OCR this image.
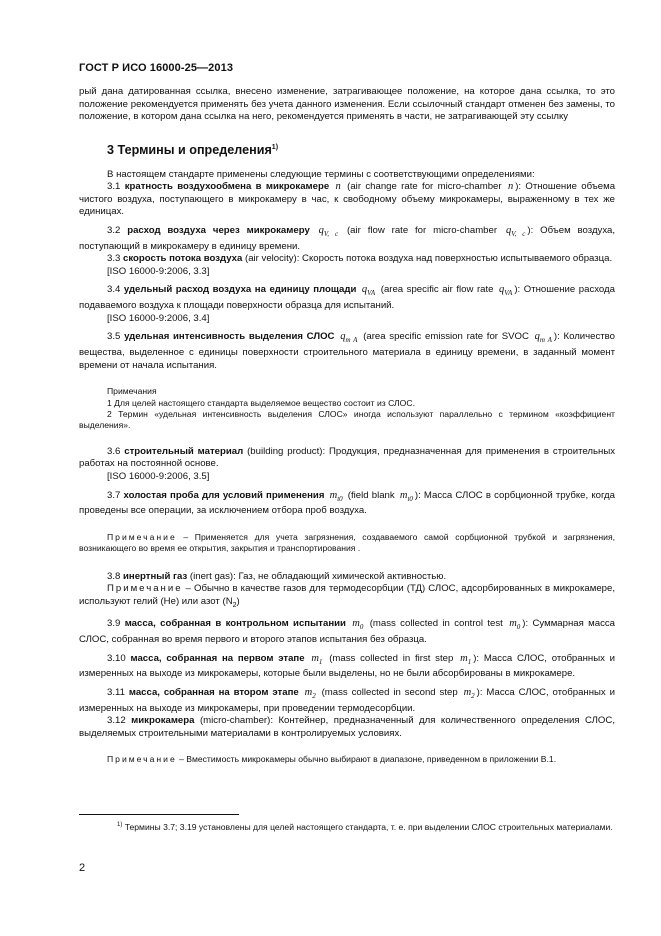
ГОСТ Р ИСО 16000-25—2013

рый дана датированная ссылка, внесено изменение, затрагивающее положение, на которое дана ссылка, то это положение рекомендуется применять без учета данного изменения. Если ссылочный стандарт отменен без замены, то положение, в котором дана ссылка на него, рекомендуется применять в части, не затрагивающей эту ссылку

3 Термины и определения$^{1)}$

В настоящем стандарте применены следующие термины с соответствующими определениями:

3.1 кратность воздухообмена в микрокамере n (air change rate for micro-chamber n ): Отношение объема чистого воздуха, поступающего в микрокамеру в час, к свободному объему микрокамеры, выраженному в тех же единицах.

3.2 расход воздуха через микрокамеру $q_{V, c}$ (air flow rate for micro-chamber $q_{V, c}$ ): Объем воздуха, поступающий в микрокамеру в единицу времени.

3.3 скорость потока воздуха (air velocity): Скорость потока воздуха над поверхностью испытываемого образца.

[ISO 16000-9:2006, 3.3]

3.4 удельный расход воздуха на единицу площади $q_{VA}$ (area specific air flow rate $q_{VA}$ ): Отношение расхода подаваемого воздуха к площади поверхности образца для испытаний.

[ISO 16000-9:2006, 3.4]

3.5 удельная интенсивность выделения СЛОС $q_{m A}$ (area specific emission rate for SVOC $q_{m A}$ ): Количество вещества, выделенное с единицы поверхности строительного материала в единицу времени, в заданный момент времени от начала испытания.

Примечания

1 Для целей настоящего стандарта выделяемое вещество состоит из СЛОС.

2 Термин «удельная интенсивность выделения СЛОС» иногда используют параллельно с термином «коэффициент выделения».

3.6 строительный материал (building product): Продукция, предназначенная для применения в строительных работах на постоянной основе.

[ISO 16000-9:2006, 3.5]

3.7 холостая проба для условий применения $m_{t0}$ (field blank $m_{t0}$ ): Масса СЛОС в сорбционной трубке, когда проведены все операции, за исключением отбора проб воздуха.

Примечание – Применяется для учета загрязнения, создаваемого самой сорбционной трубкой и загрязнения, возникающего во время ее открытия, закрытия и транспортирования .

3.8 инертный газ (inert gas): Газ, не обладающий химической активностью.

Примечание – Обычно в качестве газов для термодесорбции (ТД) СЛОС, адсорбированных в микрокамере, используют гелий (He) или азот $(N_2)$

3.9 масса, собранная в контрольном испытании $m_0$ (mass collected in control test $m_0$ ): Суммарная масса СЛОС, собранная во время первого и второго этапов испытания без образца.

3.10 масса, собранная на первом этапе $m_1$ (mass collected in first step $m_1$ ): Масса СЛОС, отобранных и измеренных на выходе из микрокамеры, которые были выделены, но не были абсорбированы в микрокамере.

3.11 масса, собранная на втором этапе $m_2$ (mass collected in second step $m_2$ ): Масса СЛОС, отобранных и измеренных на выходе из микрокамеры, при проведении термодесорбции.

3.12 микрокамера (micro-chamber): Контейнер, предназначенный для количественного определения СЛОС, выделяемых строительными материалами в контролируемых условиях.

Примечание – Вместимость микрокамеры обычно выбирают в диапазоне, приведенном в приложении В.1.

$^{1)}$ Термины 3.7; 3.19 установлены для целей настоящего стандарта, т. е. при выделении СЛОС строительных материалами.

2
